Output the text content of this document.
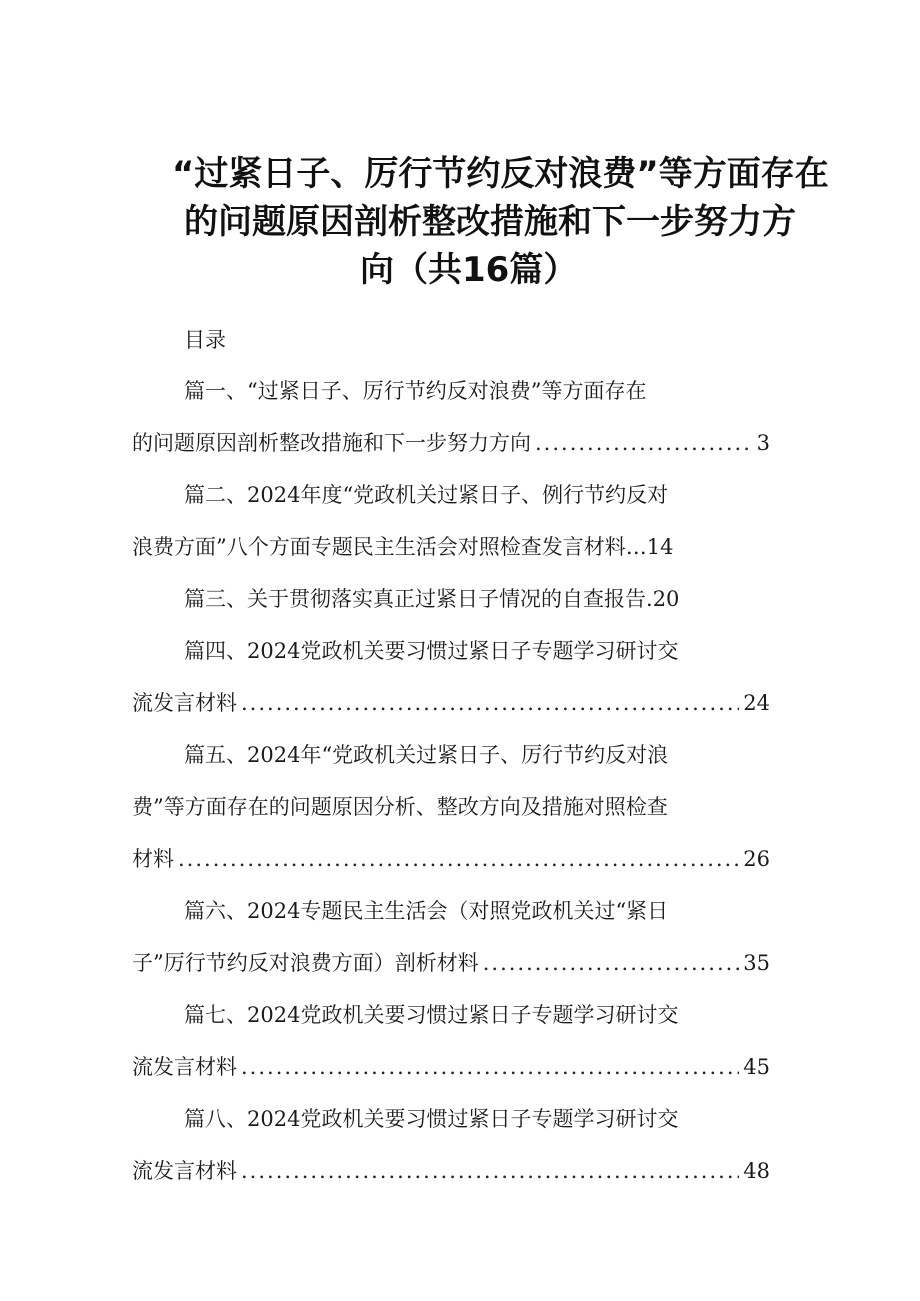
“过紧日子、厉行节约反对浪费”等方面存在
的问题原因剖析整改措施和下一步努力方
向（共16篇）
目录
篇一、“过紧日子、厉行节约反对浪费”等方面存在
的问题原因剖析整改措施和下一步努力方向 .....	3
篇二、2024年度“党政机关过紧日子、例行节约反对
浪费方面”八个方面专题民主生活会对照检查发言材料…14
篇三、关于贯彻落实真正过紧日子情况的自查报告.20
篇四、2024党政机关要习惯过紧日子专题学习研讨交
流发言材料 .....	24
篇五、2024年“党政机关过紧日子、厉行节约反对浪
费”等方面存在的问题原因分析、整改方向及措施对照检查
材料 .....	26
篇六、2024专题民主生活会（对照党政机关过“紧日
子”厉行节约反对浪费方面）剖析材料 .....	35
篇七、2024党政机关要习惯过紧日子专题学习研讨交
流发言材料 .....	45
篇八、2024党政机关要习惯过紧日子专题学习研讨交
流发言材料 .....	48
